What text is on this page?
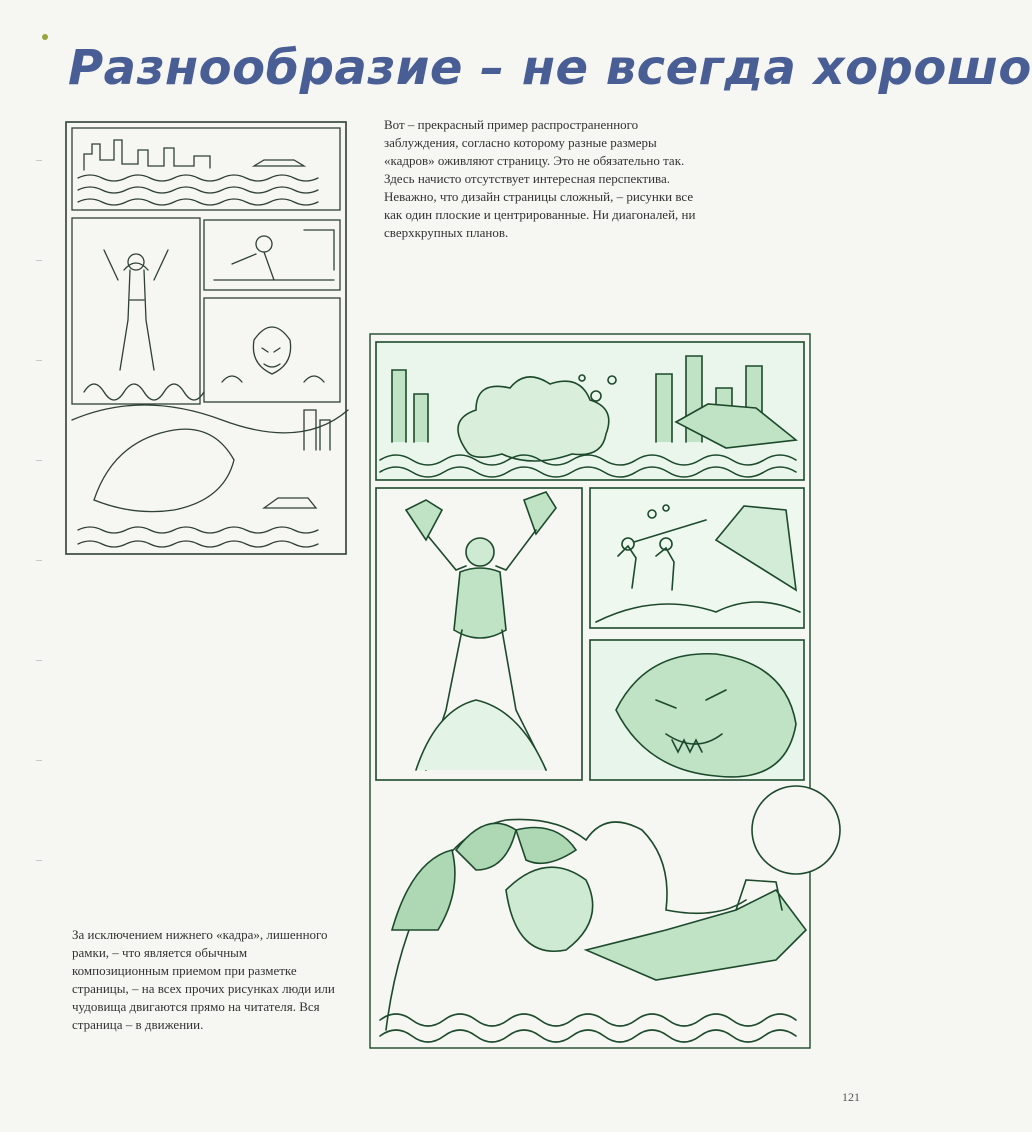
Разнообразие – не всегда хорошо

Вот – прекрасный пример распространенного заблуждения, согласно которому разные размеры «кадров» оживляют страницу. Это не обязательно так. Здесь начисто отсутствует интересная перспектива. Неважно, что дизайн страницы сложный, – рисунки все как один плоские и центрированные. Ни диагоналей, ни сверхкрупных планов.

За исключением нижнего «кадра», лишенного рамки, – что является обычным композиционным приемом при разметке страницы, – на всех прочих рисунках люди или чудовища двигаются прямо на читателя. Вся страница – в движении.

121
